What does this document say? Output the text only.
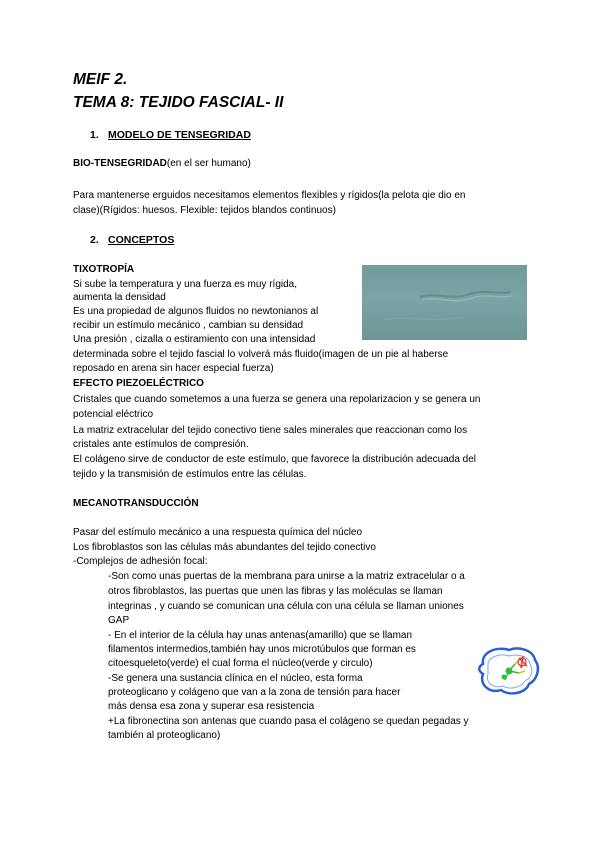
MEIF 2.
TEMA 8: TEJIDO FASCIAL- II
1. MODELO DE TENSEGRIDAD
BIO-TENSEGRIDAD(en el ser humano)
Para mantenerse erguidos necesitamos elementos flexibles y rígidos(la pelota qie dio en
clase)(Rígidos: huesos. Flexible: tejidos blandos continuos)
2. CONCEPTOS
TIXOTROPÍA
Si sube la temperatura y una fuerza es muy rígida,
aumenta la densidad
Es una propiedad de algunos fluidos no newtonianos al
recibir un estímulo mecánico , cambian su densidad
Una presión , cizalla o estiramiento con una intensidad
determinada sobre el tejido fascial lo volverá más fluido(imagen de un pie al haberse
reposado en arena sin hacer especial fuerza)
EFECTO PIEZOELÉCTRICO
Cristales que cuando sometemos a una fuerza se genera una repolarizacion y se genera un
potencial eléctrico
La matriz extracelular del tejido conectivo tiene sales minerales que reaccionan como los
cristales ante estímulos de compresión.
El colágeno sirve de conductor de este estímulo, que favorece la distribución adecuada del
tejido y la transmisión de estímulos entre las células.
MECANOTRANSDUCCIÓN
Pasar del estímulo mecánico a una respuesta química del núcleo
Los fibroblastos son las células más abundantes del tejido conectivo
-Complejos de adhesión focal:
-Son como unas puertas de la membrana para unirse a la matriz extracelular o a
otros fibroblastos, las puertas que unen las fibras y las moléculas se llaman
integrinas , y cuando se comunican una célula con una célula se llaman uniones
GAP
- En el interior de la célula hay unas antenas(amarillo) que se llaman
filamentos intermedios,también hay unos microtúbulos que forman es
citoesqueleto(verde) el cual forma el núcleo(verde y circulo)
-Se genera una sustancia clínica en el núcleo, esta forma
proteoglicano y colágeno que van a la zona de tensión para hacer
más densa esa zona y superar esa resistencia
+La fibronectina son antenas que cuando pasa el colágeno se quedan pegadas y
también al proteoglicano)
